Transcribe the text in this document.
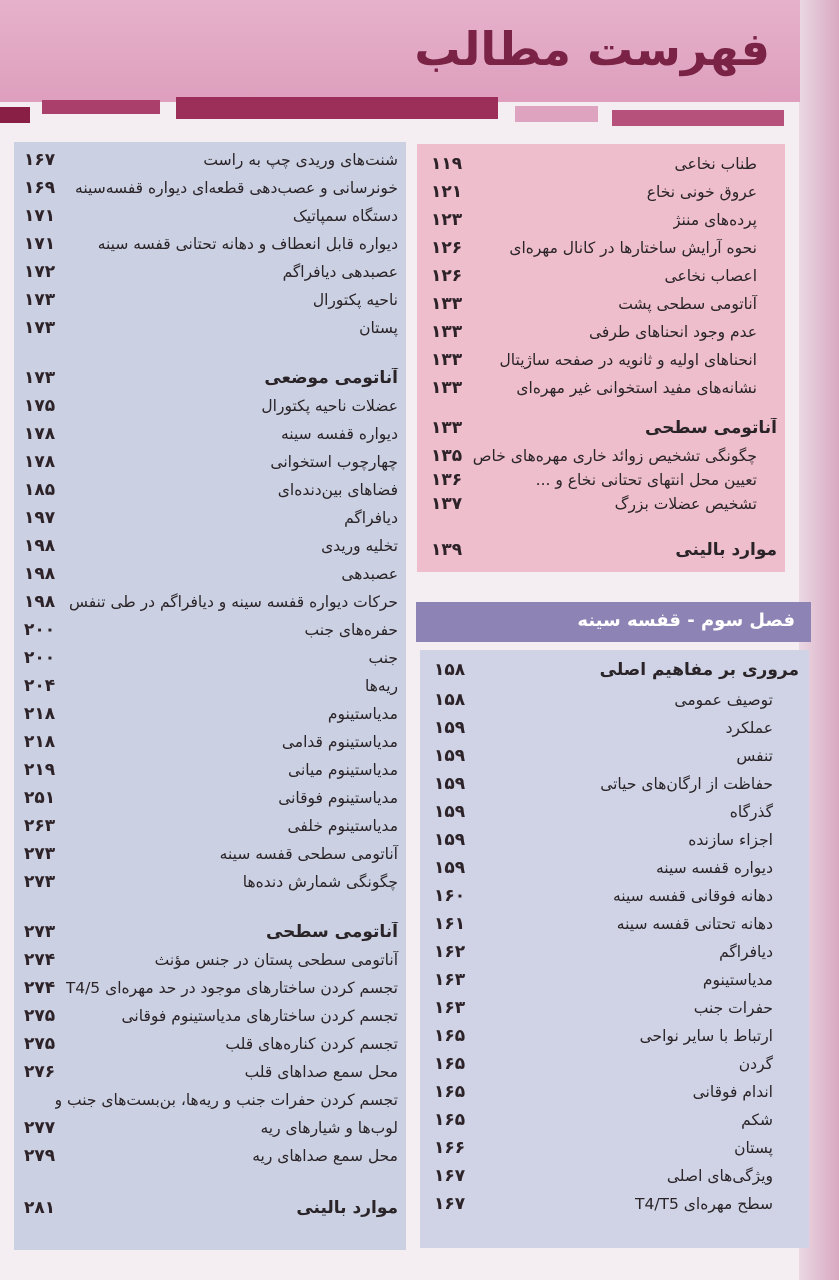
فهرست مطالب
شنت‌های وریدی چپ به راست
۱۶۷
خونرسانی و عصب‌دهی قطعه‌ای دیواره قفسه‌سینه
۱۶۹
دستگاه سمپاتیک
۱۷۱
دیواره قابل انعطاف و دهانه تحتانی قفسه سینه
۱۷۱
عصبدهی دیافراگم
۱۷۲
ناحیه پکتورال
۱۷۳
پستان
۱۷۳
آناتومی موضعی
۱۷۳
عضلات ناحیه پکتورال
۱۷۵
دیواره قفسه سینه
۱۷۸
چهارچوب استخوانی
۱۷۸
فضاهای بین‌دنده‌ای
۱۸۵
دیافراگم
۱۹۷
تخلیه وریدی
۱۹۸
عصبدهی
۱۹۸
حرکات دیواره قفسه سینه و دیافراگم در طی تنفس
۱۹۸
حفره‌های جنب
۲۰۰
جنب
۲۰۰
ریه‌ها
۲۰۴
مدیاستینوم
۲۱۸
مدیاستینوم قدامی
۲۱۸
مدیاستینوم میانی
۲۱۹
مدیاستینوم فوقانی
۲۵۱
مدیاستینوم خلفی
۲۶۳
آناتومی سطحی قفسه سینه
۲۷۳
چگونگی شمارش دنده‌ها
۲۷۳
آناتومی سطحی
۲۷۳
آناتومی سطحی پستان در جنس مؤنث
۲۷۴
تجسم کردن ساختارهای موجود در حد مهره‌ای T4/5
۲۷۴
تجسم کردن ساختارهای مدیاستینوم فوقانی
۲۷۵
تجسم کردن کناره‌های قلب
۲۷۵
محل سمع صداهای قلب
۲۷۶
تجسم کردن حفرات جنب و ریه‌ها، بن‌بست‌های جنب و
لوب‌ها و شیارهای ریه
۲۷۷
محل سمع صداهای ریه
۲۷۹
موارد بالینی
۲۸۱
طناب نخاعی
۱۱۹
عروق خونی نخاع
۱۲۱
پرده‌های مننژ
۱۲۳
نحوه آرایش ساختارها در کانال مهره‌ای
۱۲۶
اعصاب نخاعی
۱۲۶
آناتومی سطحی پشت
۱۳۳
عدم وجود انحناهای طرفی
۱۳۳
انحناهای اولیه و ثانویه در صفحه ساژیتال
۱۳۳
نشانه‌های مفید استخوانی غیر مهره‌ای
۱۳۳
آناتومی سطحی
۱۳۳
چگونگی تشخیص زوائد خاری مهره‌های خاص
۱۳۵
تعیین محل انتهای تحتانی نخاع و ...
۱۳۶
تشخیص عضلات بزرگ
۱۳۷
موارد بالینی
۱۳۹
فصل سوم - قفسه سینه
مروری بر مفاهیم اصلی
۱۵۸
توصیف عمومی
۱۵۸
عملکرد
۱۵۹
تنفس
۱۵۹
حفاظت از ارگان‌های حیاتی
۱۵۹
گذرگاه
۱۵۹
اجزاء سازنده
۱۵۹
دیواره قفسه سینه
۱۵۹
دهانه فوقانی قفسه سینه
۱۶۰
دهانه تحتانی قفسه سینه
۱۶۱
دیافراگم
۱۶۲
مدیاستینوم
۱۶۳
حفرات جنب
۱۶۳
ارتباط با سایر نواحی
۱۶۵
گردن
۱۶۵
اندام فوقانی
۱۶۵
شکم
۱۶۵
پستان
۱۶۶
ویژگی‌های اصلی
۱۶۷
سطح مهره‌ای T4/T5
۱۶۷
